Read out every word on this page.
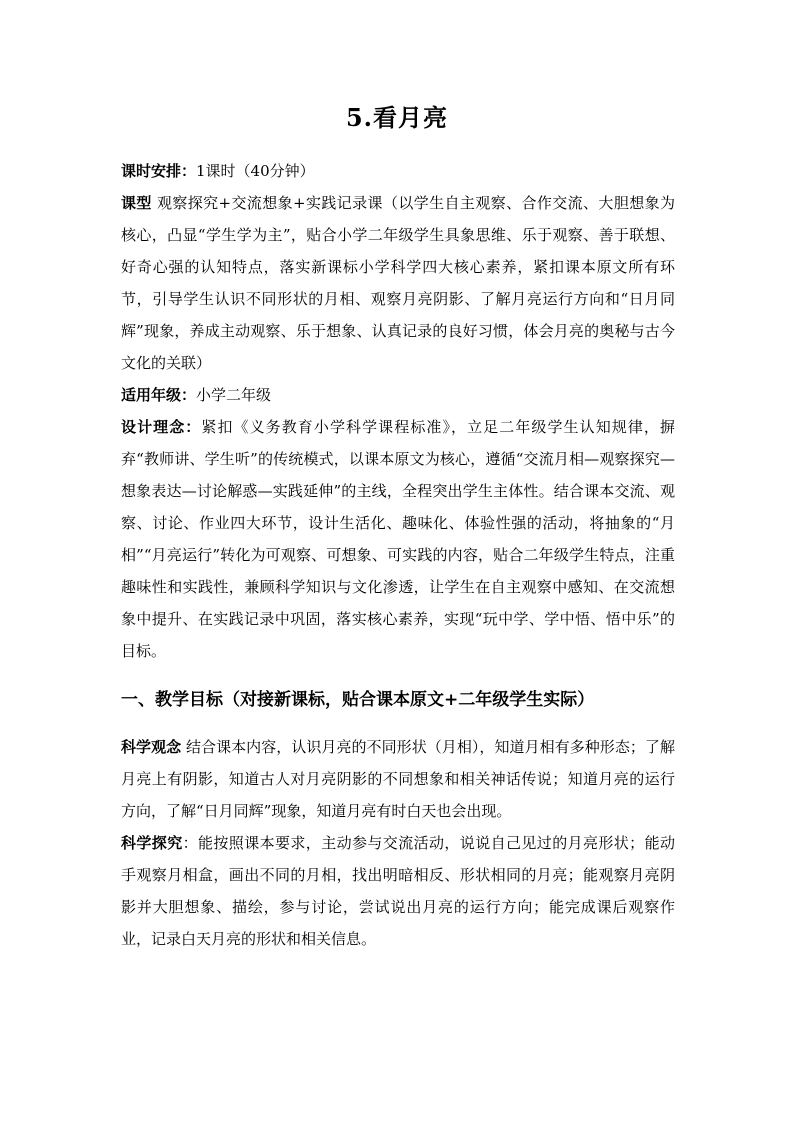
5.看月亮

课时安排：1课时（40分钟）

课型 观察探究+交流想象+实践记录课（以学生自主观察、合作交流、大胆想象为核心，凸显“学生学为主”，贴合小学二年级学生具象思维、乐于观察、善于联想、好奇心强的认知特点，落实新课标小学科学四大核心素养，紧扣课本原文所有环节，引导学生认识不同形状的月相、观察月亮阴影、了解月亮运行方向和“日月同辉”现象，养成主动观察、乐于想象、认真记录的良好习惯，体会月亮的奥秘与古今文化的关联）

适用年级：小学二年级

设计理念：紧扣《义务教育小学科学课程标准》，立足二年级学生认知规律，摒弃“教师讲、学生听”的传统模式，以课本原文为核心，遵循“交流月相—观察探究—想象表达—讨论解惑—实践延伸”的主线，全程突出学生主体性。结合课本交流、观察、讨论、作业四大环节，设计生活化、趣味化、体验性强的活动，将抽象的“月相”“月亮运行”转化为可观察、可想象、可实践的内容，贴合二年级学生特点，注重趣味性和实践性，兼顾科学知识与文化渗透，让学生在自主观察中感知、在交流想象中提升、在实践记录中巩固，落实核心素养，实现“玩中学、学中悟、悟中乐”的目标。

一、教学目标（对接新课标，贴合课本原文+二年级学生实际）

科学观念 结合课本内容，认识月亮的不同形状（月相），知道月相有多种形态；了解月亮上有阴影，知道古人对月亮阴影的不同想象和相关神话传说；知道月亮的运行方向，了解“日月同辉”现象，知道月亮有时白天也会出现。

科学探究：能按照课本要求，主动参与交流活动，说说自己见过的月亮形状；能动手观察月相盒，画出不同的月相，找出明暗相反、形状相同的月亮；能观察月亮阴影并大胆想象、描绘，参与讨论，尝试说出月亮的运行方向；能完成课后观察作业，记录白天月亮的形状和相关信息。
